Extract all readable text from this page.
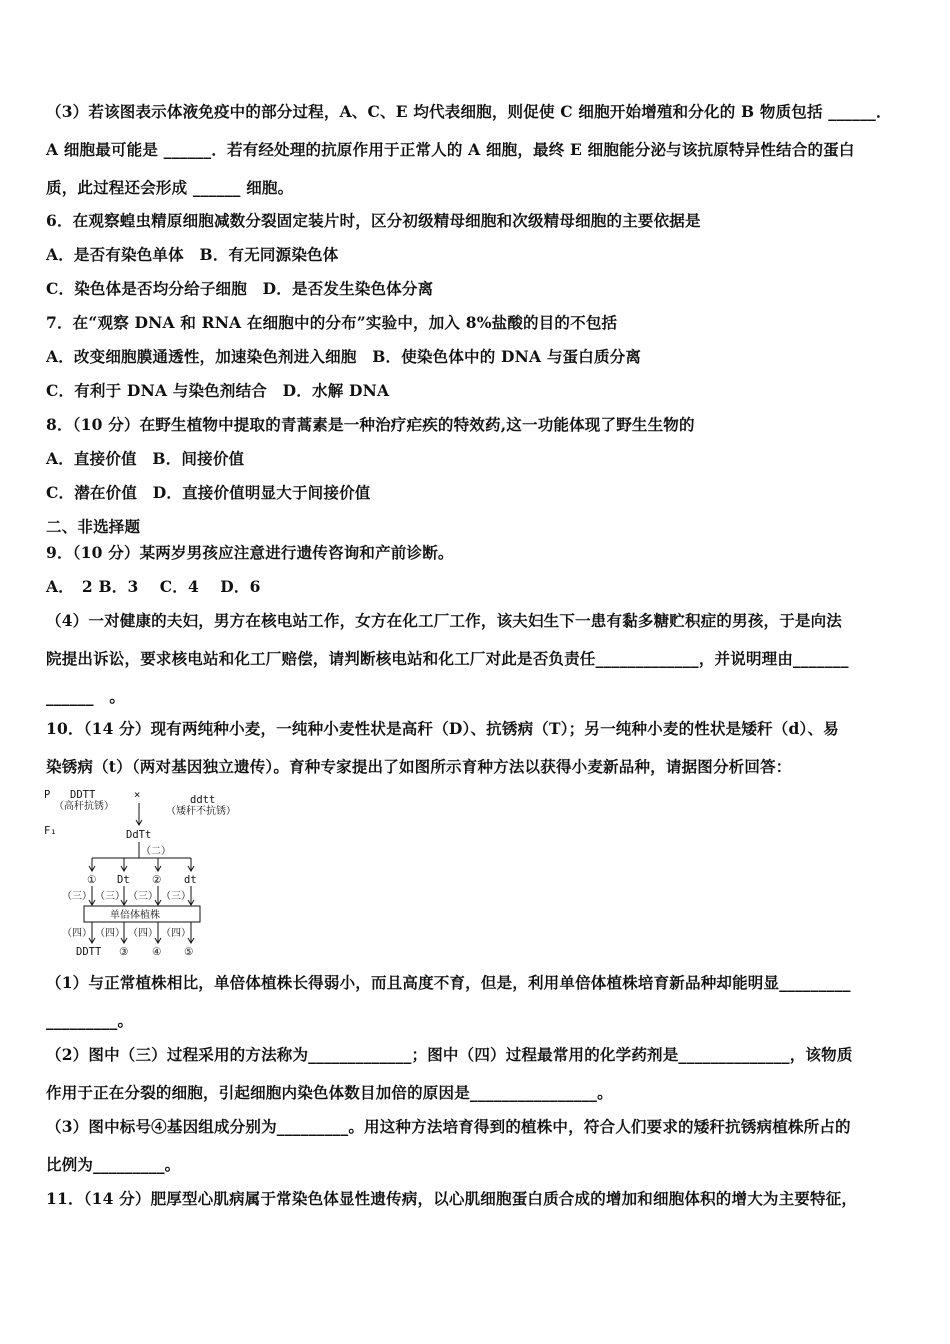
（3）若该图表示体液免疫中的部分过程，A、C、E 均代表细胞，则促使 C 细胞开始增殖和分化的 B 物质包括 ______．
A 细胞最可能是 ______．若有经处理的抗原作用于正常人的 A 细胞，最终 E 细胞能分泌与该抗原特异性结合的蛋白
质，此过程还会形成 ______ 细胞。
6．在观察蝗虫精原细胞减数分裂固定装片时，区分初级精母细胞和次级精母细胞的主要依据是
A．是否有染色单体　B．有无同源染色体
C．染色体是否均分给子细胞　D．是否发生染色体分离
7．在“观察 DNA 和 RNA 在细胞中的分布”实验中，加入 8%盐酸的目的不包括
A．改变细胞膜通透性，加速染色剂进入细胞　B．使染色体中的 DNA 与蛋白质分离
C．有利于 DNA 与染色剂结合　D．水解 DNA
8．（10 分）在野生植物中提取的青蒿素是一种治疗疟疾的特效药,这一功能体现了野生生物的
A．直接价值　B．间接价值
C．潜在价值　D．直接价值明显大于间接价值
二、非选择题
9．（10 分）某两岁男孩应注意进行遗传咨询和产前诊断。
A．　2 B．3　 C．4　 D．6
（4）一对健康的夫妇，男方在核电站工作，女方在化工厂工作，该夫妇生下一患有黏多糖贮积症的男孩，于是向法
院提出诉讼，要求核电站和化工厂赔偿，请判断核电站和化工厂对此是否负责任_____________，并说明理由_______
______　。
10．（14 分）现有两纯种小麦，一纯种小麦性状是高秆（D）、抗锈病（T）；另一纯种小麦的性状是矮秆（d）、易
染锈病（t）（两对基因独立遗传）。育种专家提出了如图所示育种方法以获得小麦新品种，请据图分析回答：
P DDTT
（高秆抗锈）
×	ddtt
（矮秆不抗锈）
F₁	DdTt
（二）
① Dt ② dt
（三） （三） （三） （三）
单倍体植株
（四） （四） （四） （四）
DDTT ③ ④ ⑤
（1）与正常植株相比，单倍体植株长得弱小，而且高度不育，但是，利用单倍体植株培育新品种却能明显_________
_________。
（2）图中（三）过程采用的方法称为_____________；图中（四）过程最常用的化学药剂是______________，该物质
作用于正在分裂的细胞，引起细胞内染色体数目加倍的原因是________________。
（3）图中标号④基因组成分别为_________。用这种方法培育得到的植株中，符合人们要求的矮秆抗锈病植株所占的
比例为_________。
11．（14 分）肥厚型心肌病属于常染色体显性遗传病，以心肌细胞蛋白质合成的增加和细胞体积的增大为主要特征，
